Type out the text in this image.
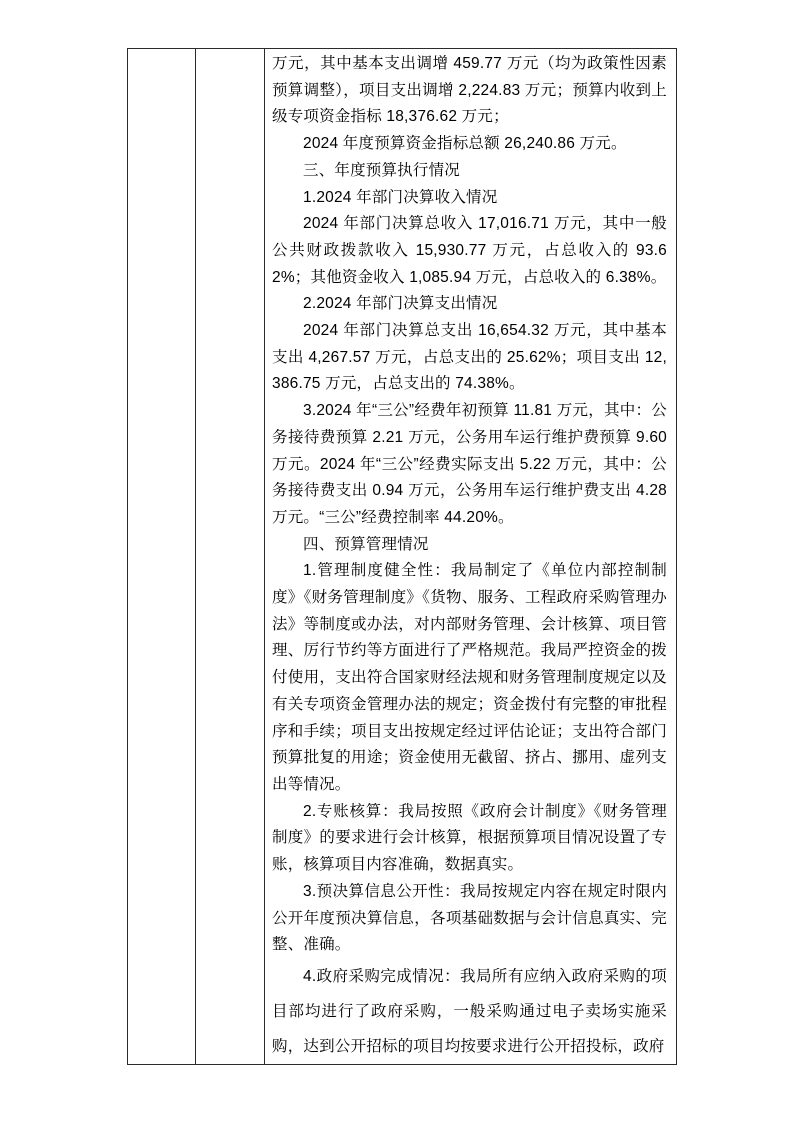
万元，其中基本支出调增 459.77 万元（均为政策性因素预算调整），项目支出调增 2,224.83 万元；预算内收到上级专项资金指标 18,376.62 万元；

2024 年度预算资金指标总额 26,240.86 万元。

三、年度预算执行情况

1.2024 年部门决算收入情况

2024 年部门决算总收入 17,016.71 万元，其中一般公共财政拨款收入 15,930.77 万元，占总收入的 93.62%；其他资金收入 1,085.94 万元，占总收入的 6.38%。

2.2024 年部门决算支出情况

2024 年部门决算总支出 16,654.32 万元，其中基本支出 4,267.57 万元，占总支出的 25.62%；项目支出 12,386.75 万元，占总支出的 74.38%。

3.2024 年“三公”经费年初预算 11.81 万元，其中：公务接待费预算 2.21 万元，公务用车运行维护费预算 9.60 万元。2024 年“三公”经费实际支出 5.22 万元，其中：公务接待费支出 0.94 万元，公务用车运行维护费支出 4.28 万元。“三公”经费控制率 44.20%。

四、预算管理情况

1.管理制度健全性：我局制定了《单位内部控制制度》《财务管理制度》《货物、服务、工程政府采购管理办法》等制度或办法，对内部财务管理、会计核算、项目管理、厉行节约等方面进行了严格规范。我局严控资金的拨付使用，支出符合国家财经法规和财务管理制度规定以及有关专项资金管理办法的规定；资金拨付有完整的审批程序和手续；项目支出按规定经过评估论证；支出符合部门预算批复的用途；资金使用无截留、挤占、挪用、虚列支出等情况。

2.专账核算：我局按照《政府会计制度》《财务管理制度》的要求进行会计核算，根据预算项目情况设置了专账，核算项目内容准确，数据真实。

3.预决算信息公开性：我局按规定内容在规定时限内公开年度预决算信息，各项基础数据与会计信息真实、完整、准确。

4.政府采购完成情况：我局所有应纳入政府采购的项目部均进行了政府采购，一般采购通过电子卖场实施采购，达到公开招标的项目均按要求进行公开招投标，政府
